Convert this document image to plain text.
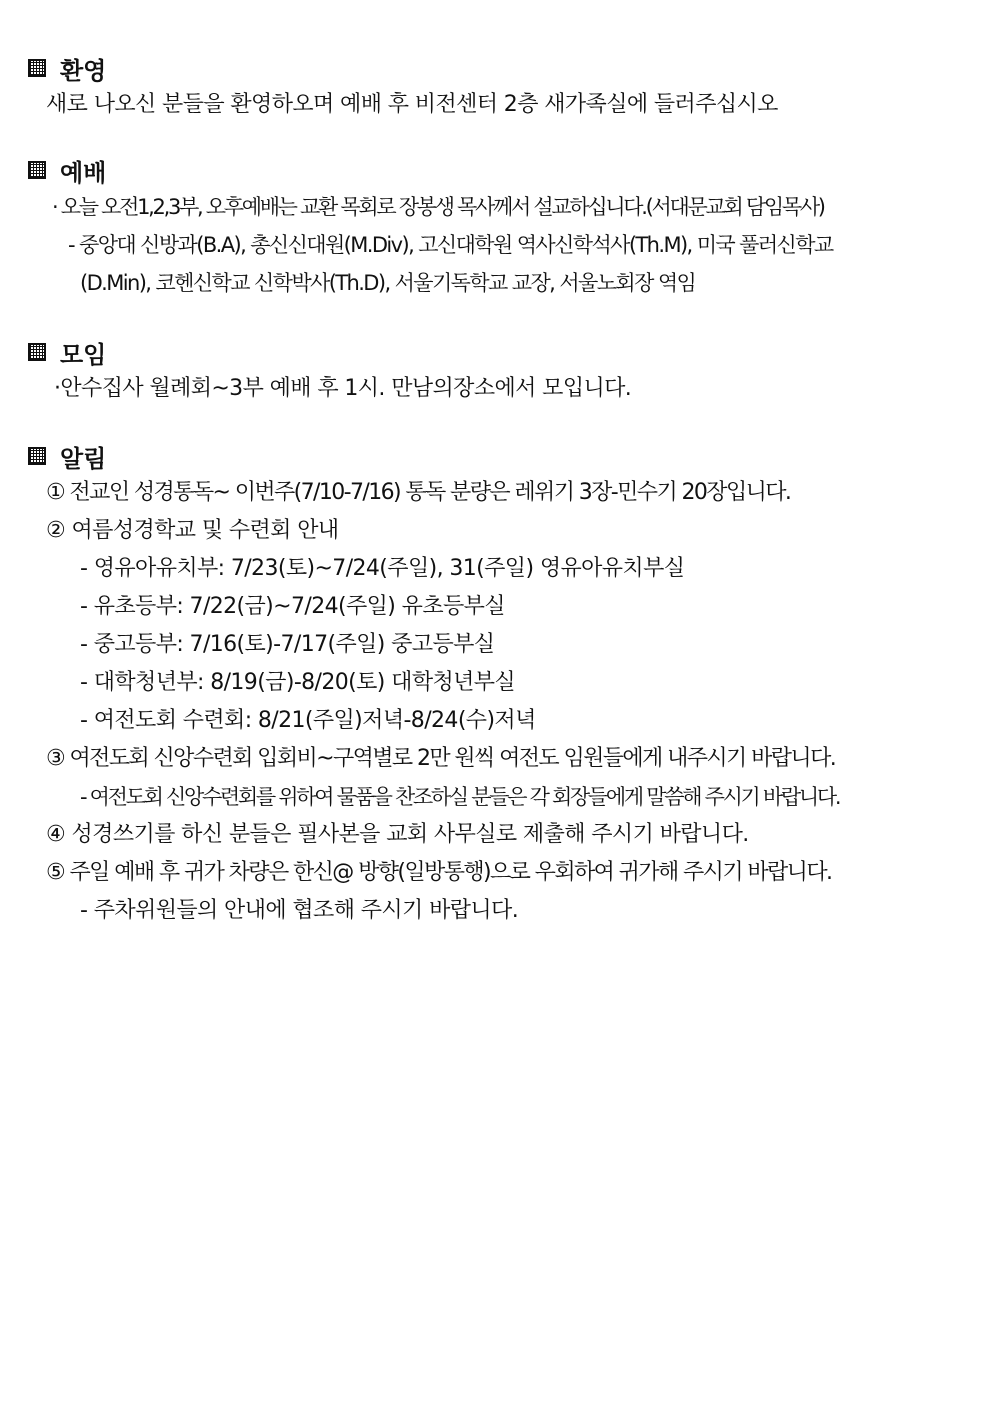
환영
새로 나오신 분들을 환영하오며 예배 후 비전센터 2층 새가족실에 들러주십시오
예배
· 오늘 오전1,2,3부, 오후예배는 교환 목회로 장봉생 목사께서 설교하십니다.(서대문교회 담임목사)
- 중앙대 신방과(B.A), 총신신대원(M.Div), 고신대학원 역사신학석사(Th.M), 미국 풀러신학교
(D.Min), 코헨신학교 신학박사(Th.D), 서울기독학교 교장, 서울노회장 역임
모임
·안수집사 월례회~3부 예배 후 1시. 만남의장소에서 모입니다.
알림
① 전교인 성경통독~ 이번주(7/10-7/16) 통독 분량은 레위기 3장-민수기 20장입니다.
② 여름성경학교 및 수련회 안내
- 영유아유치부: 7/23(토)~7/24(주일), 31(주일) 영유아유치부실
- 유초등부: 7/22(금)~7/24(주일) 유초등부실
- 중고등부: 7/16(토)-7/17(주일) 중고등부실
- 대학청년부: 8/19(금)-8/20(토) 대학청년부실
- 여전도회 수련회: 8/21(주일)저녁-8/24(수)저녁
③ 여전도회 신앙수련회 입회비~구역별로 2만 원씩 여전도 임원들에게 내주시기 바랍니다.
- 여전도회 신앙수련회를 위하여 물품을 찬조하실 분들은 각 회장들에게 말씀해 주시기 바랍니다.
④ 성경쓰기를 하신 분들은 필사본을 교회 사무실로 제출해 주시기 바랍니다.
⑤ 주일 예배 후 귀가 차량은 한신@ 방향(일방통행)으로 우회하여 귀가해 주시기 바랍니다.
- 주차위원들의 안내에 협조해 주시기 바랍니다.
